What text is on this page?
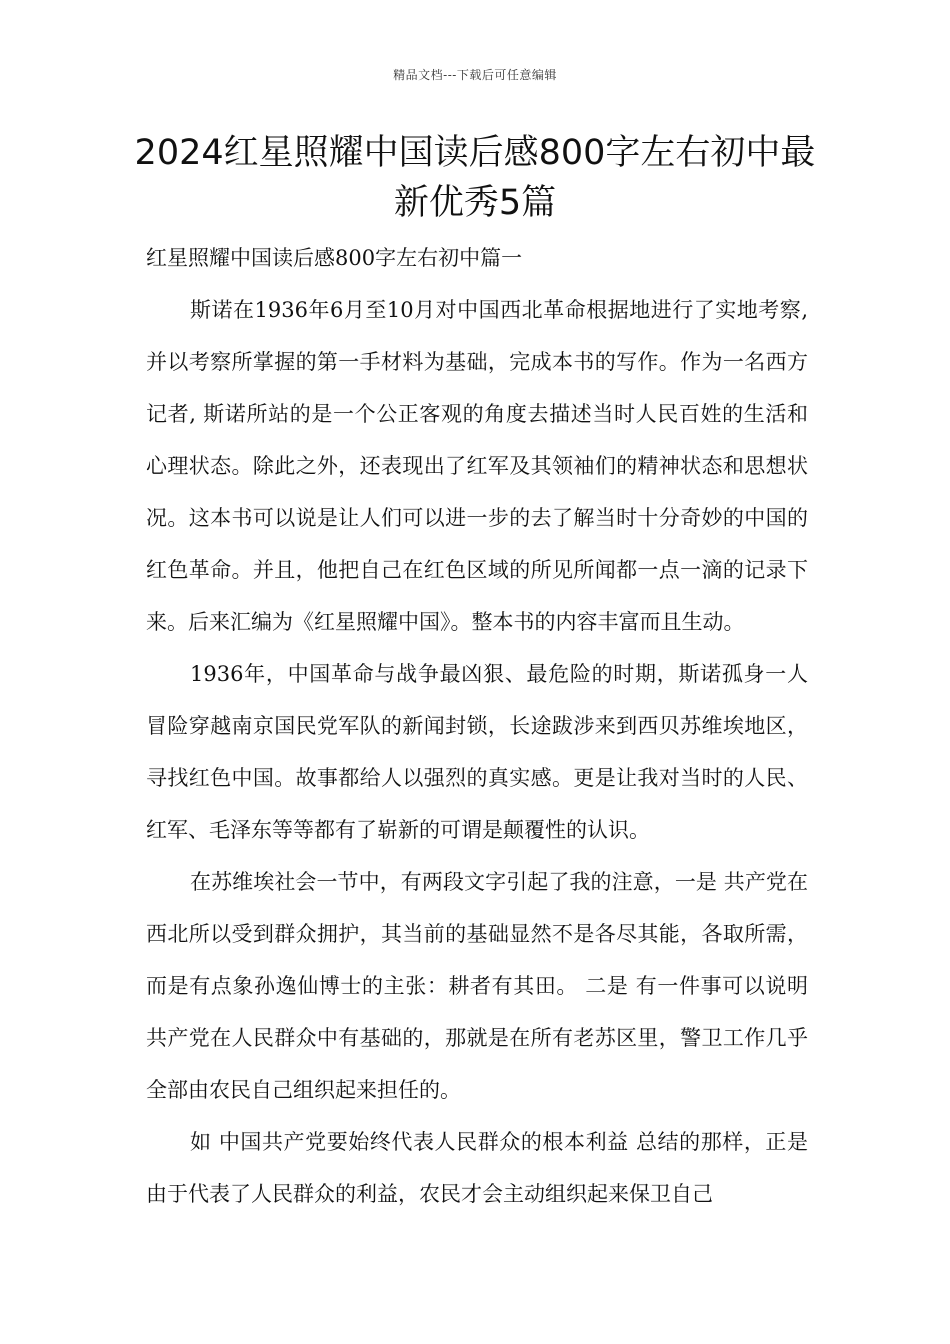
精品文档---下载后可任意编辑
2024红星照耀中国读后感800字左右初中最新优秀5篇

红星照耀中国读后感800字左右初中篇一

斯诺在1936年6月至10月对中国西北革命根据地进行了实地考察,并以考察所掌握的第一手材料为基础，完成本书的写作。作为一名西方记者, 斯诺所站的是一个公正客观的角度去描述当时人民百姓的生活和心理状态。除此之外，还表现出了红军及其领袖们的精神状态和思想状况。这本书可以说是让人们可以进一步的去了解当时十分奇妙的中国的红色革命。并且，他把自己在红色区域的所见所闻都一点一滴的记录下来。后来汇编为《红星照耀中国》。整本书的内容丰富而且生动。

1936年，中国革命与战争最凶狠、最危险的时期，斯诺孤身一人冒险穿越南京国民党军队的新闻封锁，长途跋涉来到西贝苏维埃地区，寻找红色中国。故事都给人以强烈的真实感。更是让我对当时的人民、红军、毛泽东等等都有了崭新的可谓是颠覆性的认识。

在苏维埃社会一节中，有两段文字引起了我的注意，一是 共产党在西北所以受到群众拥护，其当前的基础显然不是各尽其能，各取所需，而是有点象孙逸仙博士的主张：耕者有其田。 二是 有一件事可以说明共产党在人民群众中有基础的，那就是在所有老苏区里，警卫工作几乎全部由农民自己组织起来担任的。

如 中国共产党要始终代表人民群众的根本利益 总结的那样，正是由于代表了人民群众的利益，农民才会主动组织起来保卫自己
